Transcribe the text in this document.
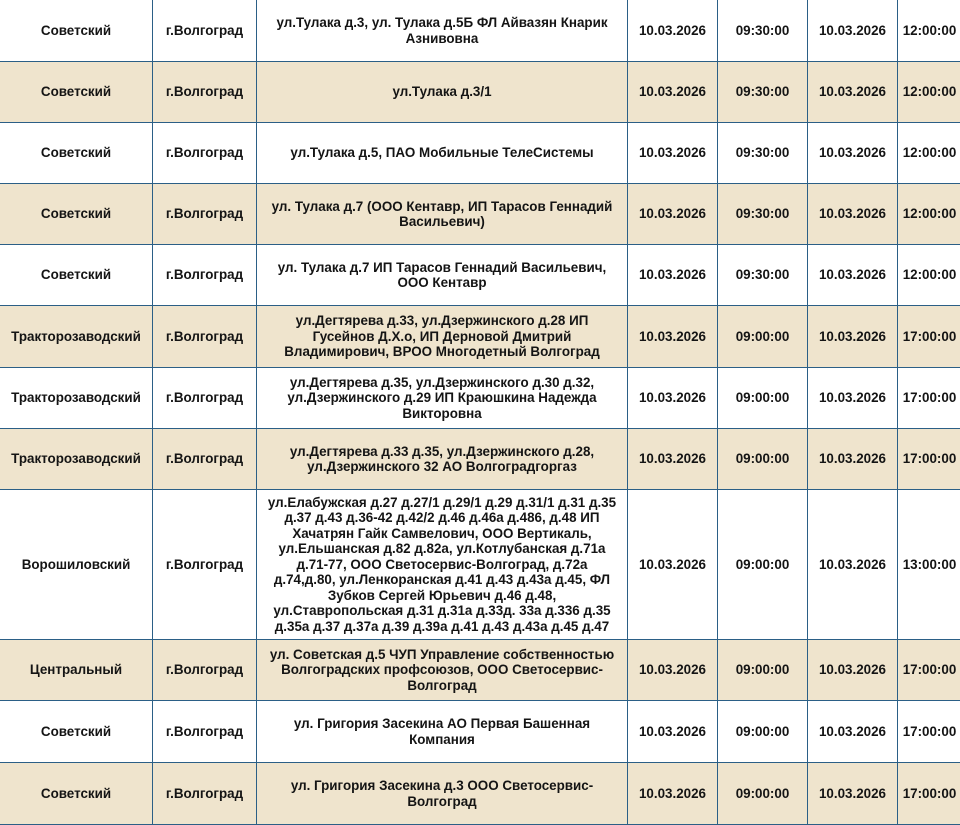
Советский	г.Волгоград	ул.Тулака д.3, ул. Тулака д.5Б ФЛ Айвазян Кнарик Азнивовна	10.03.2026	09:30:00	10.03.2026	12:00:00
Советский	г.Волгоград	ул.Тулака д.3/1	10.03.2026	09:30:00	10.03.2026	12:00:00
Советский	г.Волгоград	ул.Тулака д.5, ПАО Мобильные ТелеСистемы	10.03.2026	09:30:00	10.03.2026	12:00:00
Советский	г.Волгоград	ул. Тулака д.7 (ООО Кентавр, ИП Тарасов Геннадий Васильевич)	10.03.2026	09:30:00	10.03.2026	12:00:00
Советский	г.Волгоград	ул. Тулака д.7 ИП Тарасов Геннадий Васильевич, ООО Кентавр	10.03.2026	09:30:00	10.03.2026	12:00:00
Тракторозаводский	г.Волгоград	ул.Дегтярева д.33, ул.Дзержинского д.28 ИП Гусейнов Д.Х.о, ИП Дерновой Дмитрий Владимирович, ВРОО Многодетный Волгоград	10.03.2026	09:00:00	10.03.2026	17:00:00
Тракторозаводский	г.Волгоград	ул.Дегтярева д.35, ул.Дзержинского д.30 д.32, ул.Дзержинского д.29 ИП Краюшкина Надежда Викторовна	10.03.2026	09:00:00	10.03.2026	17:00:00
Тракторозаводский	г.Волгоград	ул.Дегтярева д.33 д.35, ул.Дзержинского д.28, ул.Дзержинского 32 АО Волгоградгоргаз	10.03.2026	09:00:00	10.03.2026	17:00:00
Ворошиловский	г.Волгоград	ул.Елабужская д.27 д.27/1 д.29/1 д.29 д.31/1 д.31 д.35 д.37 д.43 д.36-42 д.42/2 д.46 д.46а д.486, д.48 ИП Хачатрян Гайк Самвелович, ООО Вертикаль, ул.Ельшанская д.82 д.82а, ул.Котлубанская д.71а д.71-77, ООО Светосервис-Волгоград, д.72а д.74,д.80, ул.Ленкоранская д.41 д.43 д.43а д.45, ФЛ Зубков Сергей Юрьевич д.46 д.48, ул.Ставропольская д.31 д.31а д.33д. 33а д.336 д.35 д.35а д.37 д.37а д.39 д.39а д.41 д.43 д.43а д.45 д.47	10.03.2026	09:00:00	10.03.2026	13:00:00
Центральный	г.Волгоград	ул. Советская д.5 ЧУП Управление собственностью Волгоградских профсоюзов, ООО Светосервис-Волгоград	10.03.2026	09:00:00	10.03.2026	17:00:00
Советский	г.Волгоград	ул. Григория Засекина АО Первая Башенная Компания	10.03.2026	09:00:00	10.03.2026	17:00:00
Советский	г.Волгоград	ул. Григория Засекина д.3 ООО Светосервис-Волгоград	10.03.2026	09:00:00	10.03.2026	17:00:00
